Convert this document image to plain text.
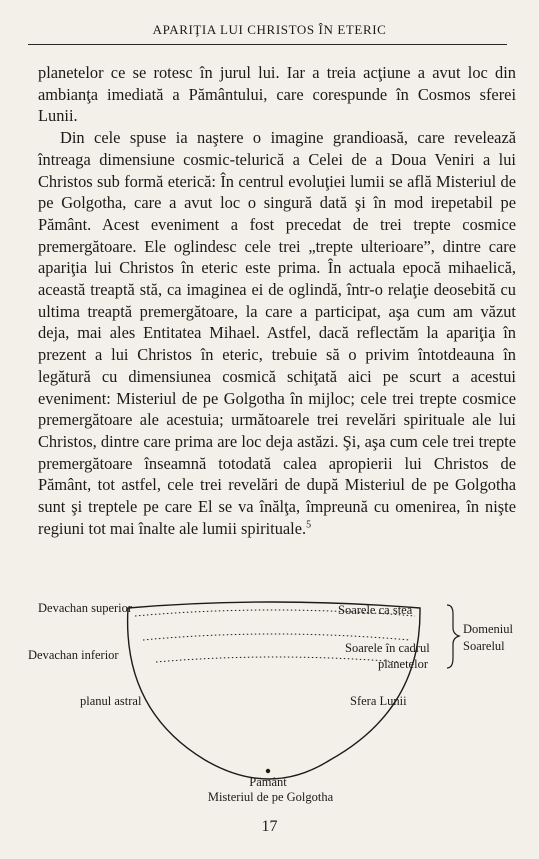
APARIŢIA LUI CHRISTOS ÎN ETERIC

planetelor ce se rotesc în jurul lui. Iar a treia acţiune a avut loc din ambianţa imediată a Pământului, care corespunde în Cosmos sferei Lunii.

Din cele spuse ia naştere o imagine grandioasă, care revelează întreaga dimensiune cosmic-telurică a Celei de a Doua Veniri a lui Christos sub formă eterică: În centrul evoluţiei lumii se află Misteriul de pe Golgotha, care a avut loc o singură dată şi în mod irepetabil pe Pământ. Acest eveniment a fost precedat de trei trepte cosmice premergătoare. Ele oglindesc cele trei „trepte ulterioare”, dintre care apariţia lui Christos în eteric este prima. În actuala epocă mihaelică, această treaptă stă, ca imaginea ei de oglindă, într-o relaţie deosebită cu ultima treaptă premergătoare, la care a participat, aşa cum am văzut deja, mai ales Entitatea Mihael. Astfel, dacă reflectăm la apariţia în prezent a lui Christos în eteric, trebuie să o privim întotdeauna în legătură cu dimensiunea cosmică schiţată aici pe scurt a acestui eveniment: Misteriul de pe Golgotha în mijloc; cele trei trepte cosmice premergătoare ale acestuia; următoarele trei revelări spirituale ale lui Christos, dintre care prima are loc deja astăzi. Şi, aşa cum cele trei trepte premergătoare înseamnă totodată calea apropierii lui Christos de Pământ, tot astfel, cele trei revelări de după Misteriul de pe Golgotha sunt şi treptele pe care El se va înălţa, împreună cu omenirea, în nişte regiuni tot mai înalte ale lumii spirituale.$^5$

Devachan superior
Devachan inferior
planul astral
Soarele ca stea
Soarele în cadrul
planetelor
Sfera Lunii
Domeniul
Soarelul
Pământ
Misteriul de pe Golgotha
17
